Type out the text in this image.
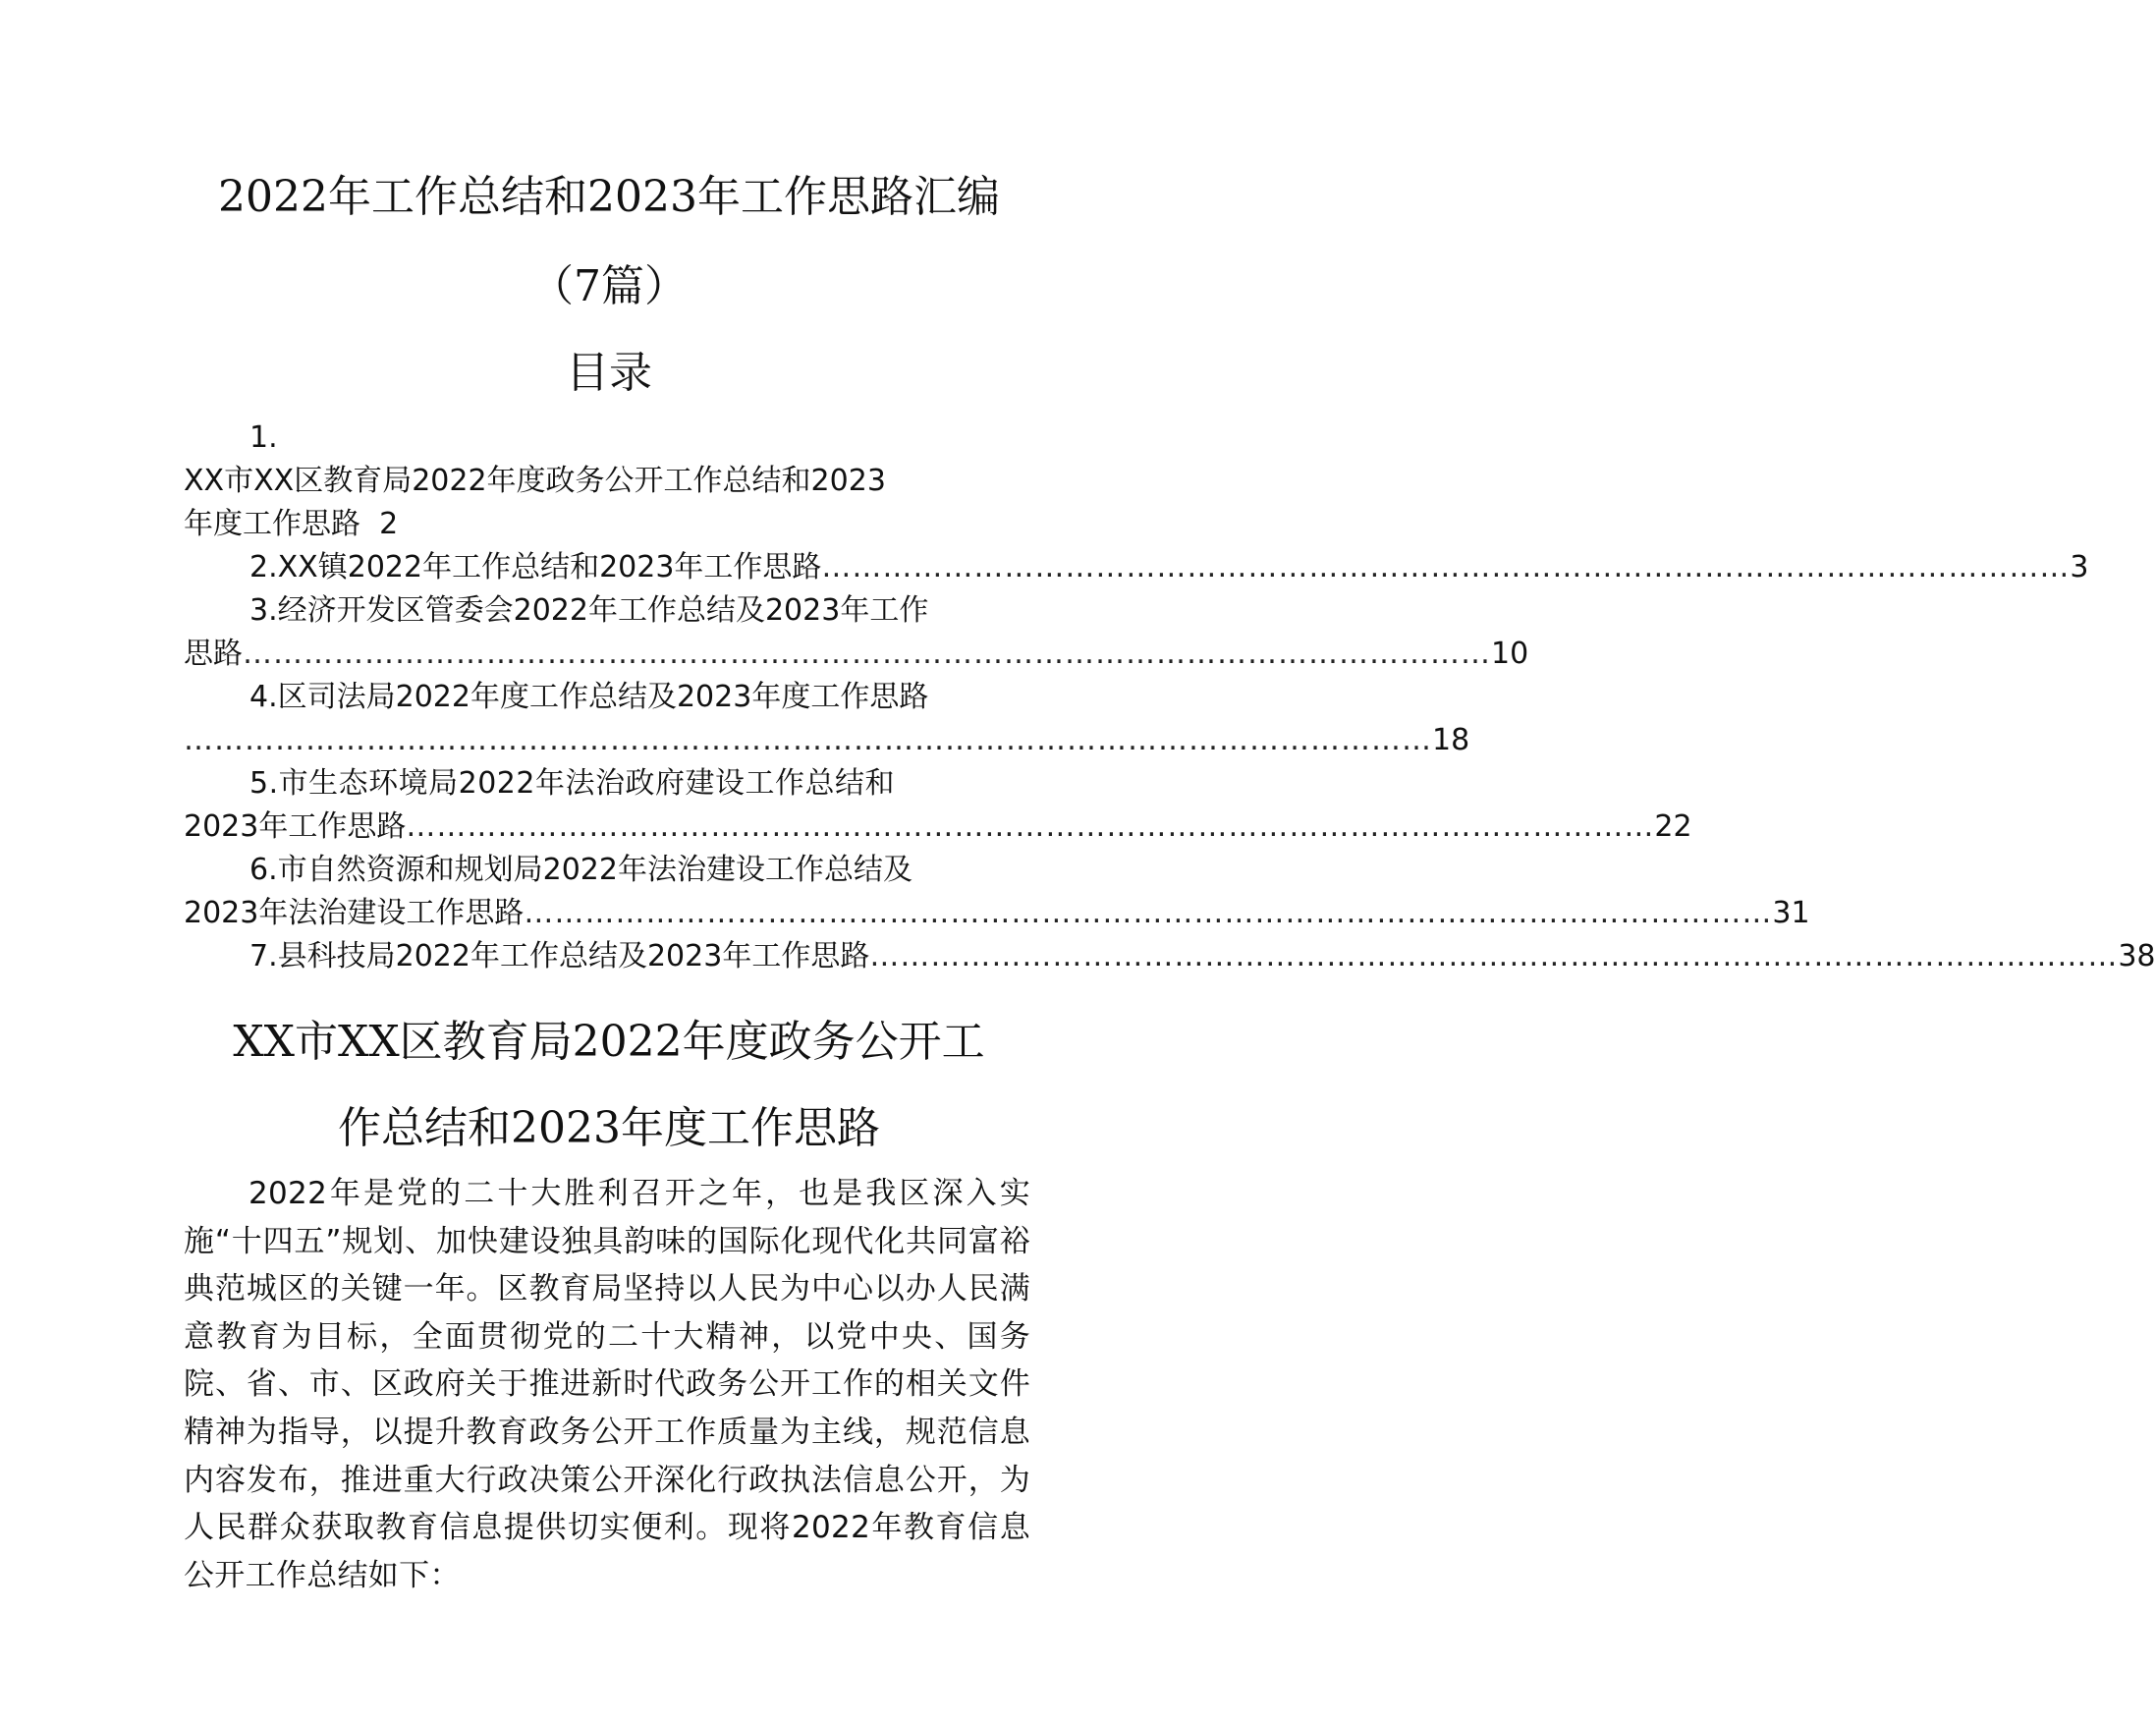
2022年工作总结和2023年工作思路汇编
（7篇）
目录
1.
XX市XX区教育局2022年度政务公开工作总结和2023
年度工作思路 2
2.XX镇2022年工作总结和2023年工作思路 …………………………………………………………………………………………………………… 3
3.经济开发区管委会2022年工作总结及2023年工作
思路 …………………………………………………………………………………………………………… 10
4.区司法局2022年度工作总结及2023年度工作思路
…………………………………………………………………………………………………………… 18
5.市生态环境局2022年法治政府建设工作总结和
2023年工作思路 …………………………………………………………………………………………………………… 22
6.市自然资源和规划局2022年法治建设工作总结及
2023年法治建设工作思路 …………………………………………………………………………………………………………… 31
7.县科技局2022年工作总结及2023年工作思路 …………………………………………………………………………………………………………… 38
XX市XX区教育局2022年度政务公开工
作总结和2023年度工作思路
2022年是党的二十大胜利召开之年，也是我区深入实施“十四五”规划、加快建设独具韵味的国际化现代化共同富裕典范城区的关键一年。区教育局坚持以人民为中心以办人民满意教育为目标，全面贯彻党的二十大精神，以党中央、国务院、省、市、区政府关于推进新时代政务公开工作的相关文件精神为指导，以提升教育政务公开工作质量为主线，规范信息内容发布，推进重大行政决策公开深化行政执法信息公开，为人民群众获取教育信息提供切实便利。现将2022年教育信息公开工作总结如下：
